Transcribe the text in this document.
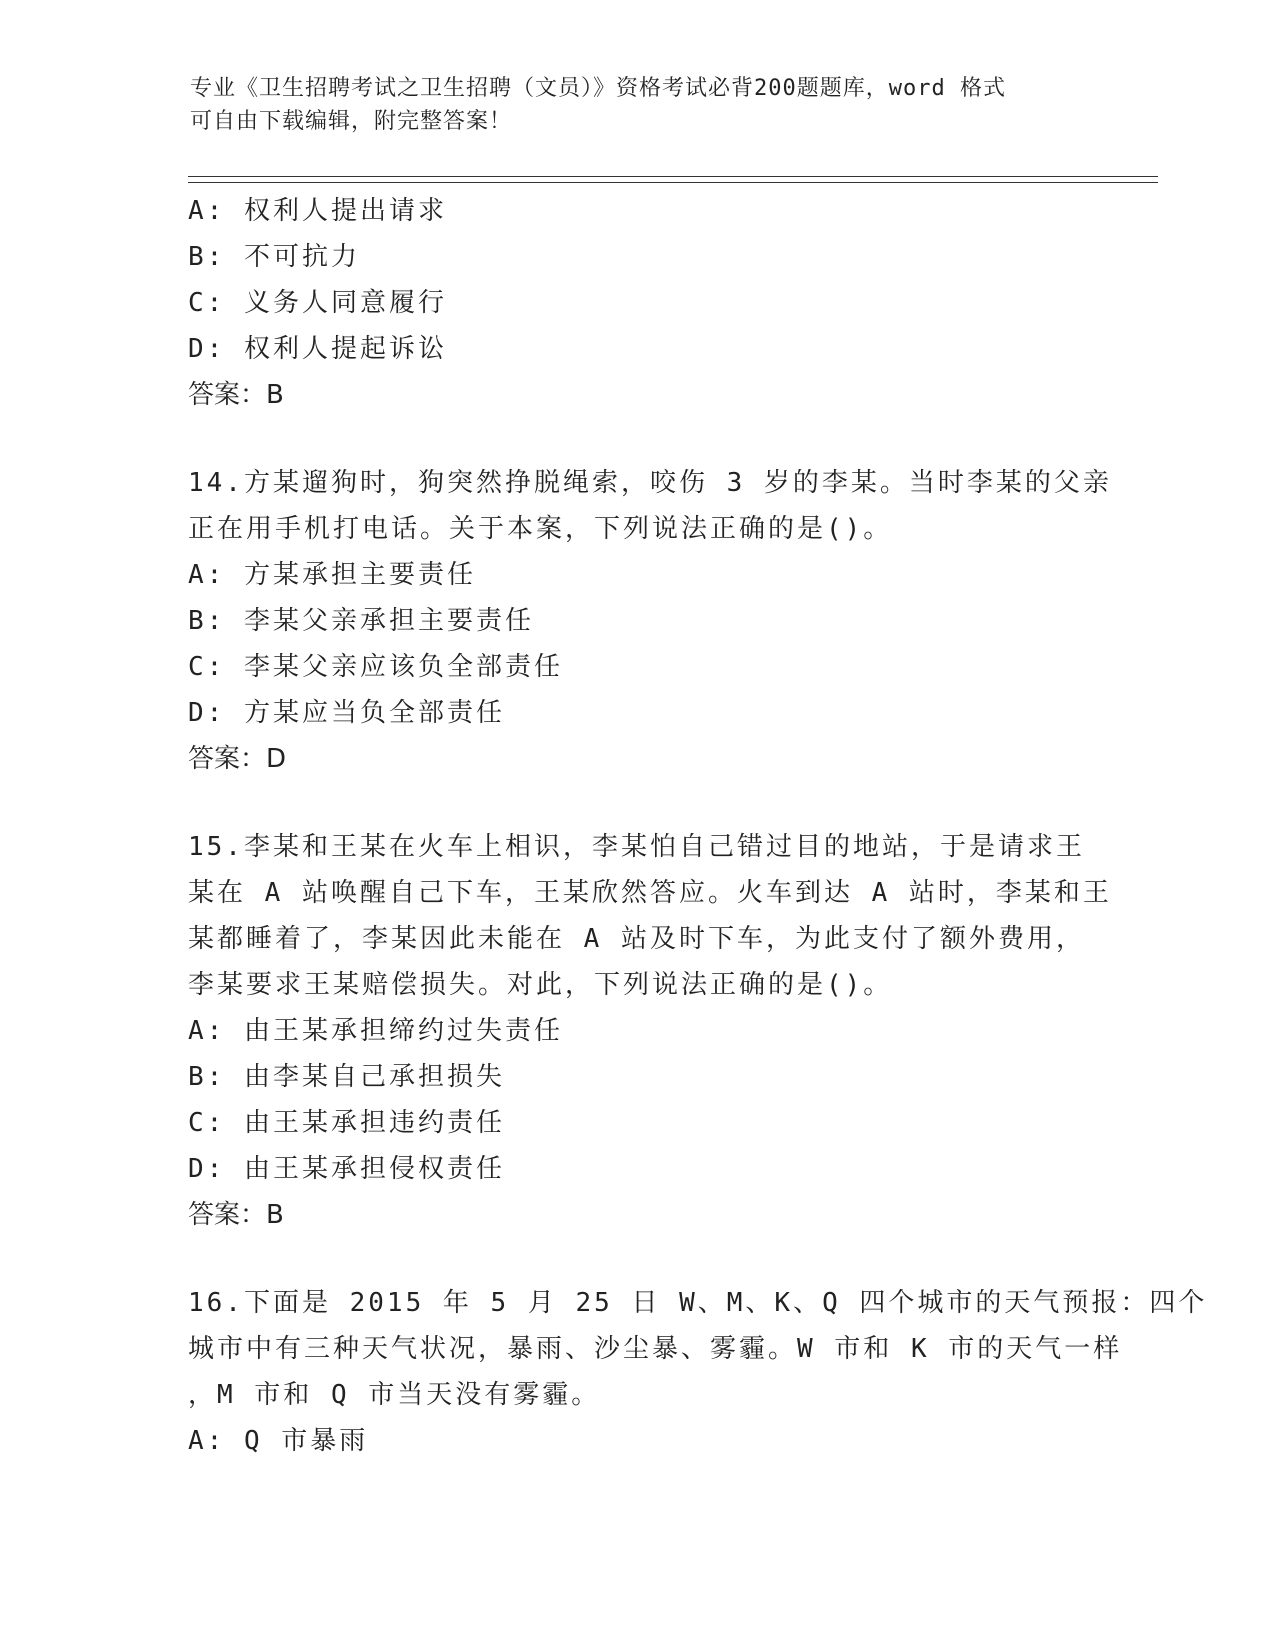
专业《卫生招聘考试之卫生招聘（文员）》资格考试必背200题题库，word 格式
可自由下载编辑，附完整答案！
A: 权利人提出请求
B: 不可抗力
C: 义务人同意履行
D: 权利人提起诉讼
答案：B
14.方某遛狗时，狗突然挣脱绳索，咬伤 3 岁的李某。当时李某的父亲
正在用手机打电话。关于本案，下列说法正确的是()。
A: 方某承担主要责任
B: 李某父亲承担主要责任
C: 李某父亲应该负全部责任
D: 方某应当负全部责任
答案：D
15.李某和王某在火车上相识，李某怕自己错过目的地站，于是请求王
某在 A 站唤醒自己下车，王某欣然答应。火车到达 A 站时，李某和王
某都睡着了，李某因此未能在 A 站及时下车，为此支付了额外费用，
李某要求王某赔偿损失。对此，下列说法正确的是()。
A: 由王某承担缔约过失责任
B: 由李某自己承担损失
C: 由王某承担违约责任
D: 由王某承担侵权责任
答案：B
16.下面是 2015 年 5 月 25 日 W、M、K、Q 四个城市的天气预报：四个
城市中有三种天气状况，暴雨、沙尘暴、雾霾。W 市和 K 市的天气一样
，M 市和 Q 市当天没有雾霾。
A: Q 市暴雨
